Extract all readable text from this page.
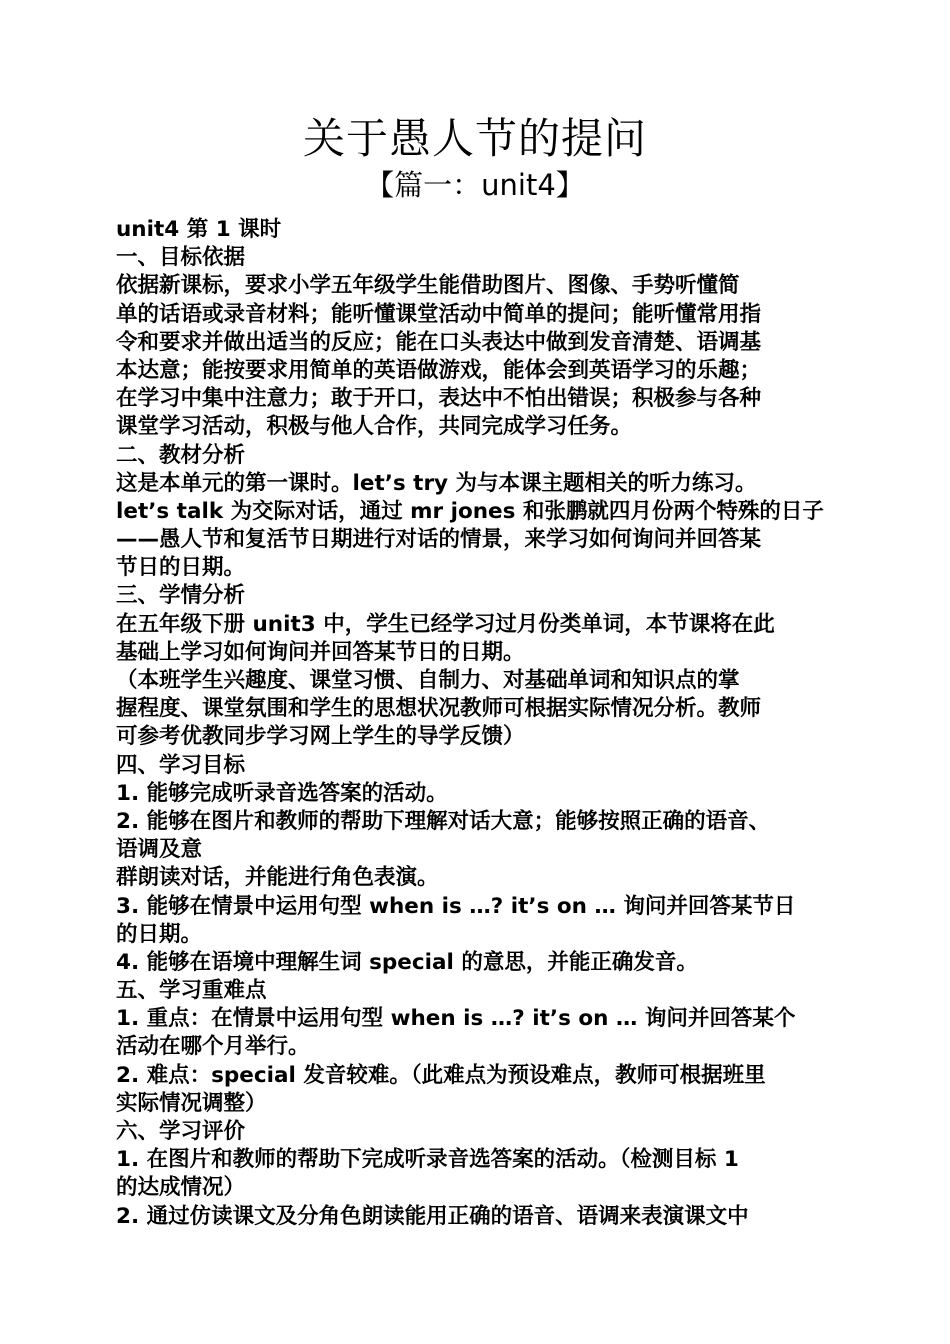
关于愚人节的提问
【篇一：unit4】
unit4 第 1 课时
一、目标依据
依据新课标，要求小学五年级学生能借助图片、图像、手势听懂简
单的话语或录音材料；能听懂课堂活动中简单的提问；能听懂常用指
令和要求并做出适当的反应；能在口头表达中做到发音清楚、语调基
本达意；能按要求用简单的英语做游戏，能体会到英语学习的乐趣；
在学习中集中注意力；敢于开口，表达中不怕出错误；积极参与各种
课堂学习活动，积极与他人合作，共同完成学习任务。
二、教材分析
这是本单元的第一课时。let’s try 为与本课主题相关的听力练习。
let’s talk 为交际对话，通过 mr jones 和张鹏就四月份两个特殊的日子
——愚人节和复活节日期进行对话的情景，来学习如何询问并回答某
节日的日期。
三、学情分析
在五年级下册 unit3 中，学生已经学习过月份类单词，本节课将在此
基础上学习如何询问并回答某节日的日期。
（本班学生兴趣度、课堂习惯、自制力、对基础单词和知识点的掌
握程度、课堂氛围和学生的思想状况教师可根据实际情况分析。教师
可参考优教同步学习网上学生的导学反馈）
四、学习目标
1. 能够完成听录音选答案的活动。
2. 能够在图片和教师的帮助下理解对话大意；能够按照正确的语音、
语调及意
群朗读对话，并能进行角色表演。
3. 能够在情景中运用句型 when is …? it’s on … 询问并回答某节日
的日期。
4. 能够在语境中理解生词 special 的意思，并能正确发音。
五、学习重难点
1. 重点：在情景中运用句型 when is …? it’s on … 询问并回答某个
活动在哪个月举行。
2. 难点：special 发音较难。（此难点为预设难点，教师可根据班里
实际情况调整）
六、学习评价
1. 在图片和教师的帮助下完成听录音选答案的活动。（检测目标 1
的达成情况）
2. 通过仿读课文及分角色朗读能用正确的语音、语调来表演课文中
